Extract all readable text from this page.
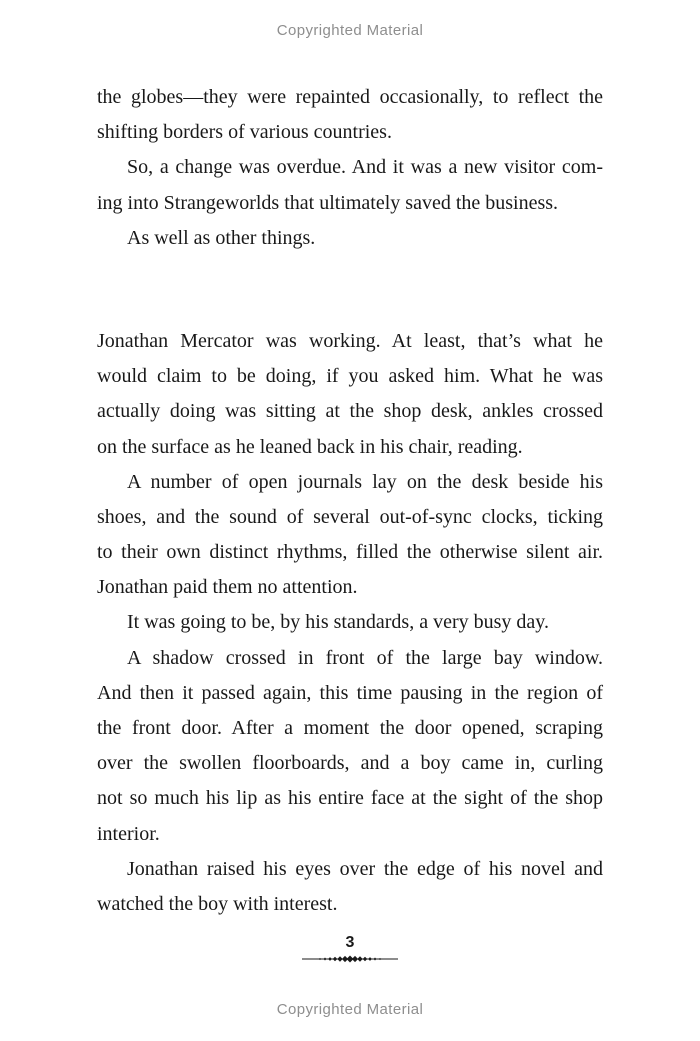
Copyrighted Material
the globes—they were repainted occasionally, to reflect the
shifting borders of various countries.
So, a change was overdue. And it was a new visitor com-
ing into Strangeworlds that ultimately saved the business.
As well as other things.
Jonathan Mercator was working. At least, that’s what he
would claim to be doing, if you asked him. What he was
actually doing was sitting at the shop desk, ankles crossed
on the surface as he leaned back in his chair, reading.
A number of open journals lay on the desk beside his
shoes, and the sound of several out-of-sync clocks, ticking
to their own distinct rhythms, filled the otherwise silent air.
Jonathan paid them no attention.
It was going to be, by his standards, a very busy day.
A shadow crossed in front of the large bay window.
And then it passed again, this time pausing in the region of
the front door. After a moment the door opened, scraping
over the swollen floorboards, and a boy came in, curling
not so much his lip as his entire face at the sight of the shop
interior.
Jonathan raised his eyes over the edge of his novel and
watched the boy with interest.
3
Copyrighted Material
